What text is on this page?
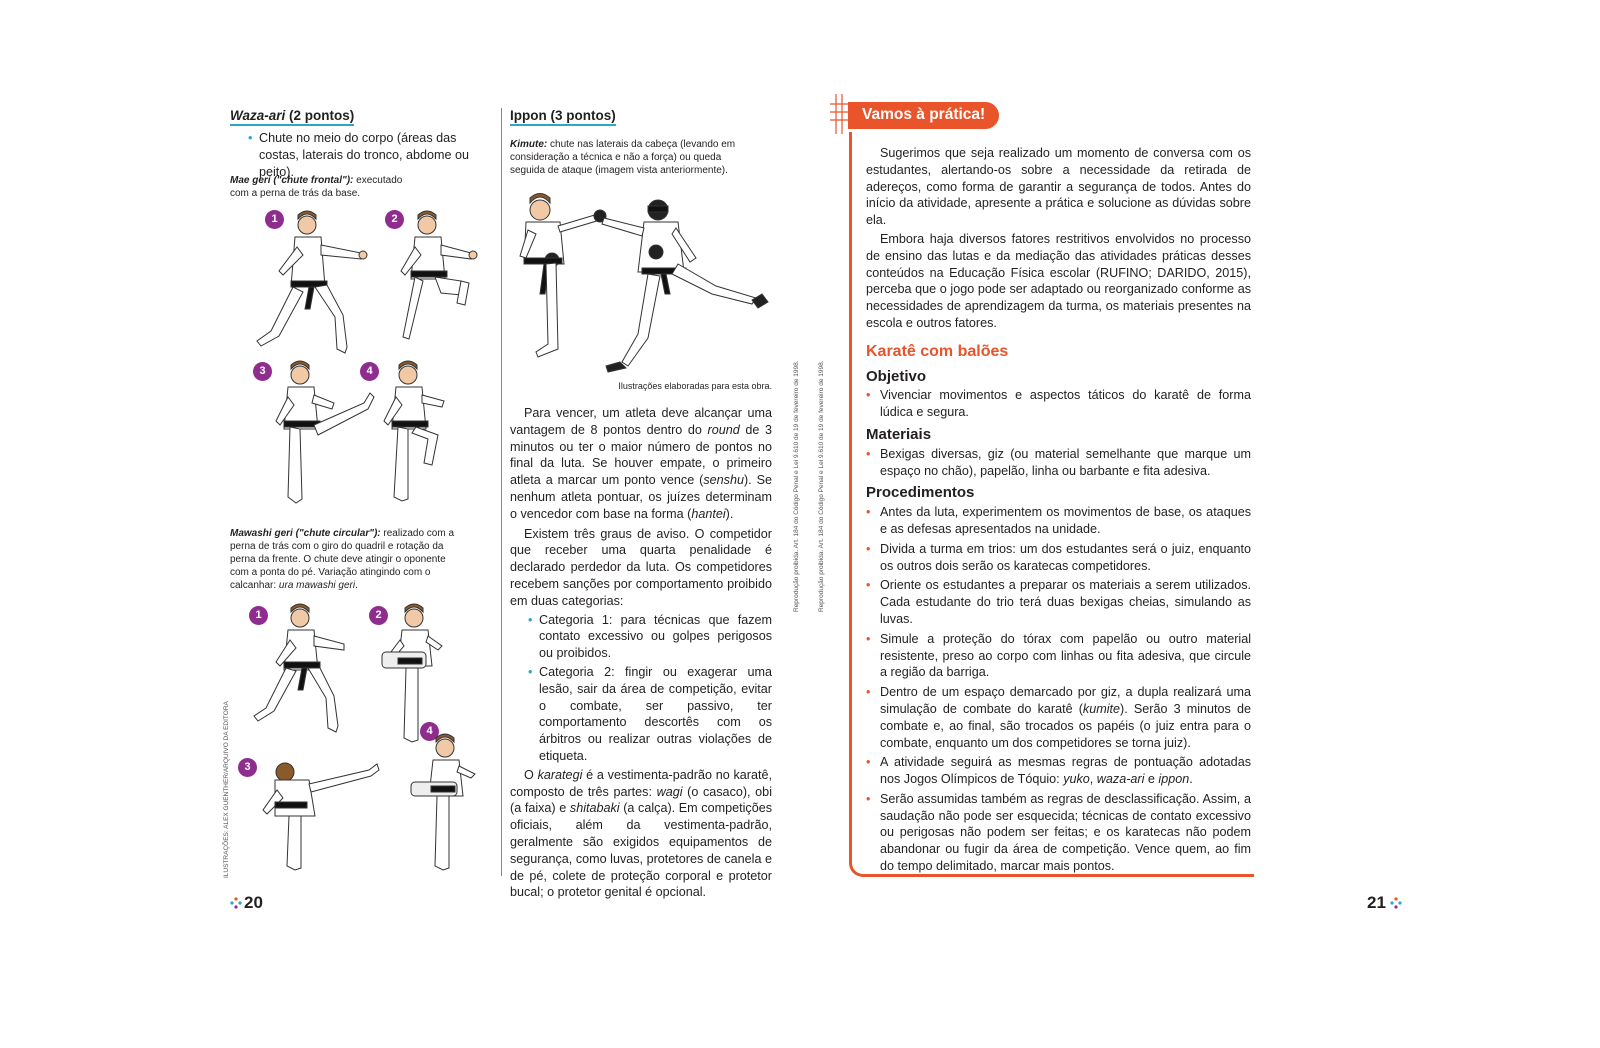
Waza-ari (2 pontos)
• Chute no meio do corpo (áreas das costas, laterais do tronco, abdome ou peito).
Mae geri ("chute frontal"): executado com a perna de trás da base.
1	2
3	4
Mawashi geri ("chute circular"): realizado com a perna de trás com o giro do quadril e rotação da perna da frente. O chute deve atingir o oponente com a ponta do pé. Variação atingindo com o calcanhar: ura mawashi geri.
1	2
3
4
ILUSTRAÇÕES: ALEX GUENTHER/ARQUIVO DA EDITORA
Ippon (3 pontos)
Kimute: chute nas laterais da cabeça (levando em consideração a técnica e não a força) ou queda seguida de ataque (imagem vista anteriormente).
Ilustrações elaboradas para esta obra.

Para vencer, um atleta deve alcançar uma vantagem de 8 pontos dentro do round de 3 minutos ou ter o maior número de pontos no final da luta. Se houver empate, o primeiro atleta a marcar um ponto vence (senshu). Se nenhum atleta pontuar, os juízes determinam o vencedor com base na forma (hantei).

Existem três graus de aviso. O competidor que receber uma quarta penalidade é declarado perdedor da luta. Os competidores recebem sanções por comportamento proibido em duas categorias:

• Categoria 1: para técnicas que fazem contato excessivo ou golpes perigosos ou proibidos.
• Categoria 2: fingir ou exagerar uma lesão, sair da área de competição, evitar o combate, ser passivo, ter comportamento descortês com os árbitros ou realizar outras violações de etiqueta.

O karategi é a vestimenta-padrão no karatê, composto de três partes: wagi (o casaco), obi (a faixa) e shitabaki (a calça). Em competições oficiais, além da vestimenta-padrão, geralmente são exigidos equipamentos de segurança, como luvas, protetores de canela e de pé, colete de proteção corporal e protetor bucal; o protetor genital é opcional.

20
Reprodução proibida. Art. 184 do Código Penal e Lei 9.610 de 19 de fevereiro de 1998.	Reprodução proibida. Art. 184 do Código Penal e Lei 9.610 de 19 de fevereiro de 1998.
Vamos à prática!

Sugerimos que seja realizado um momento de conversa com os estudantes, alertando-os sobre a necessidade da retirada de adereços, como forma de garantir a segurança de todos. Antes do início da atividade, apresente a prática e solucione as dúvidas sobre ela.

Embora haja diversos fatores restritivos envolvidos no processo de ensino das lutas e da mediação das atividades práticas desses conteúdos na Educação Física escolar (RUFINO; DARIDO, 2015), perceba que o jogo pode ser adaptado ou reorganizado conforme as necessidades de aprendizagem da turma, os materiais presentes na escola e outros fatores.

Karatê com balões
Objetivo
• Vivenciar movimentos e aspectos táticos do karatê de forma lúdica e segura.
Materiais
• Bexigas diversas, giz (ou material semelhante que marque um espaço no chão), papelão, linha ou barbante e fita adesiva.
Procedimentos
• Antes da luta, experimentem os movimentos de base, os ataques e as defesas apresentados na unidade.
• Divida a turma em trios: um dos estudantes será o juiz, enquanto os outros dois serão os karatecas competidores.
• Oriente os estudantes a preparar os materiais a serem utilizados. Cada estudante do trio terá duas bexigas cheias, simulando as luvas.
• Simule a proteção do tórax com papelão ou outro material resistente, preso ao corpo com linhas ou fita adesiva, que circule a região da barriga.
• Dentro de um espaço demarcado por giz, a dupla realizará uma simulação de combate do karatê (kumite). Serão 3 minutos de combate e, ao final, são trocados os papéis (o juiz entra para o combate, enquanto um dos competidores se torna juiz).
• A atividade seguirá as mesmas regras de pontuação adotadas nos Jogos Olímpicos de Tóquio: yuko, waza-ari e ippon.
• Serão assumidas também as regras de desclassificação. Assim, a saudação não pode ser esquecida; técnicas de contato excessivo ou perigosas não podem ser feitas; e os karatecas não podem abandonar ou fugir da área de competição. Vence quem, ao fim do tempo delimitado, marcar mais pontos.
21
